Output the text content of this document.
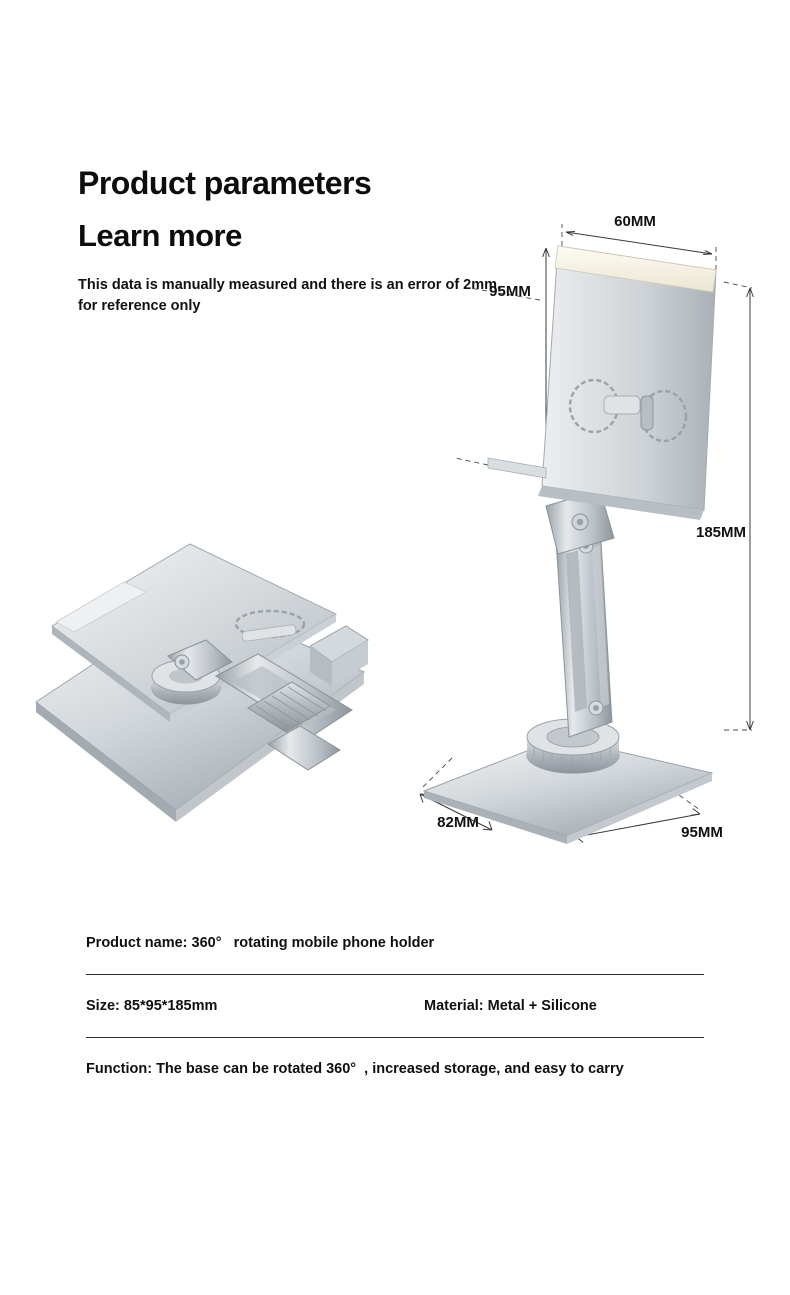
Product parameters
Learn more

This data is manually measured and there is an error of 2mm, for reference only

60MM
95MM
185MM
82MM
95MM
Product name: 360°   rotating mobile phone holder
Size: 85*95*185mm	Material: Metal + Silicone
Function: The base can be rotated 360°  , increased storage, and easy to carry
